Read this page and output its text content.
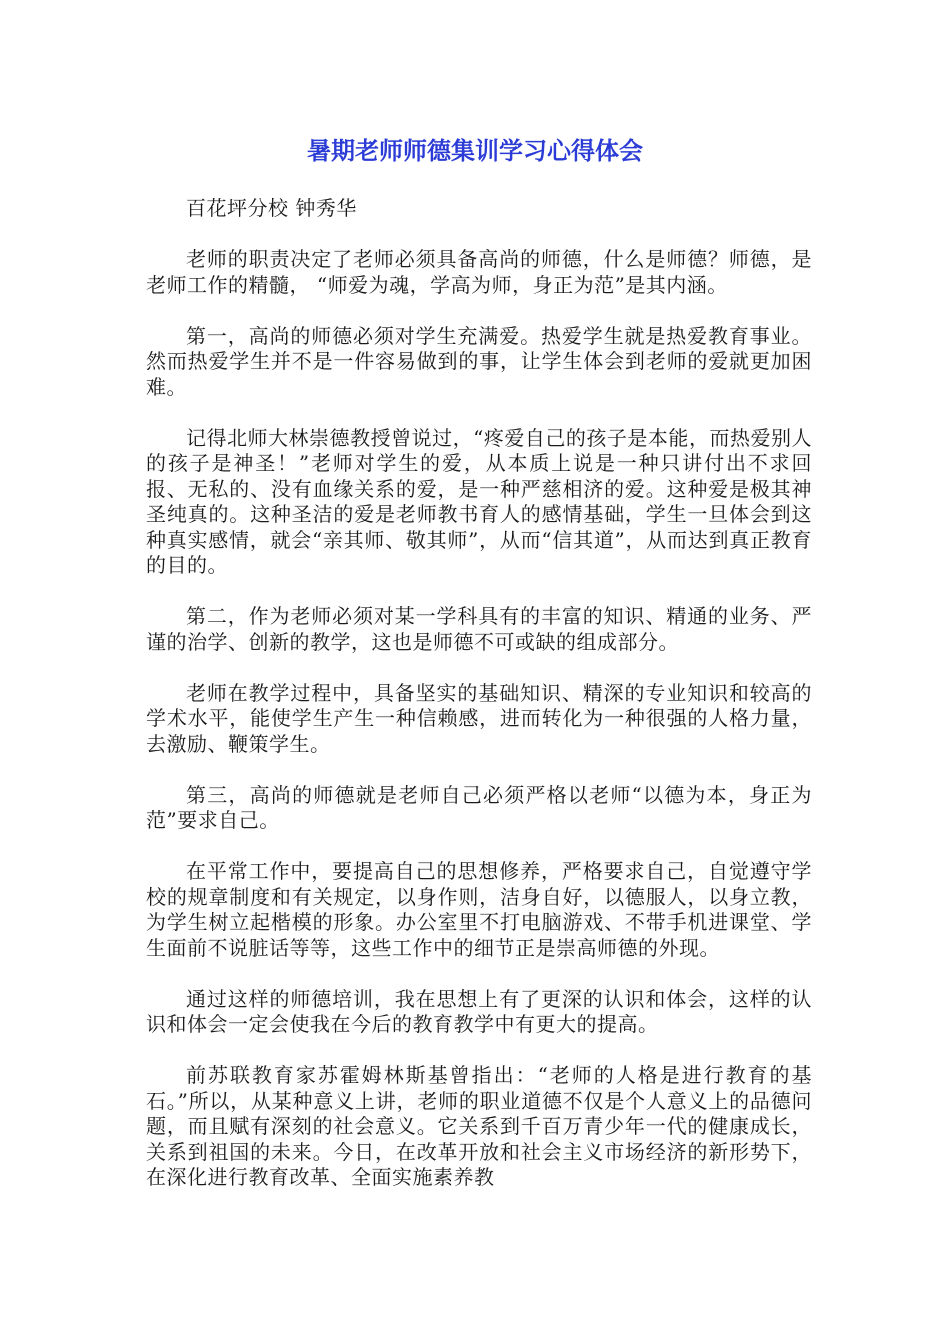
暑期老师师德集训学习心得体会

百花坪分校 钟秀华

老师的职责决定了老师必须具备高尚的师德，什么是师德？师德，是老师工作的精髓， “师爱为魂，学高为师，身正为范”是其内涵。

第一，高尚的师德必须对学生充满爱。热爱学生就是热爱教育事业。然而热爱学生并不是一件容易做到的事，让学生体会到老师的爱就更加困难。

记得北师大林崇德教授曾说过，“疼爱自己的孩子是本能，而热爱别人的孩子是神圣！”老师对学生的爱，从本质上说是一种只讲付出不求回报、无私的、没有血缘关系的爱，是一种严慈相济的爱。这种爱是极其神圣纯真的。这种圣洁的爱是老师教书育人的感情基础，学生一旦体会到这种真实感情，就会“亲其师、敬其师”，从而“信其道”，从而达到真正教育的目的。

第二，作为老师必须对某一学科具有的丰富的知识、精通的业务、严谨的治学、创新的教学，这也是师德不可或缺的组成部分。

老师在教学过程中，具备坚实的基础知识、精深的专业知识和较高的学术水平，能使学生产生一种信赖感，进而转化为一种很强的人格力量，去激励、鞭策学生。

第三，高尚的师德就是老师自己必须严格以老师“以德为本，身正为范”要求自己。

在平常工作中，要提高自己的思想修养，严格要求自己，自觉遵守学校的规章制度和有关规定，以身作则，洁身自好，以德服人，以身立教，为学生树立起楷模的形象。办公室里不打电脑游戏、不带手机进课堂、学生面前不说脏话等等，这些工作中的细节正是崇高师德的外现。

通过这样的师德培训，我在思想上有了更深的认识和体会，这样的认识和体会一定会使我在今后的教育教学中有更大的提高。

前苏联教育家苏霍姆林斯基曾指出：“老师的人格是进行教育的基石。”所以，从某种意义上讲，老师的职业道德不仅是个人意义上的品德问题，而且赋有深刻的社会意义。它关系到千百万青少年一代的健康成长，关系到祖国的未来。今日，在改革开放和社会主义市场经济的新形势下，在深化进行教育改革、全面实施素养教
